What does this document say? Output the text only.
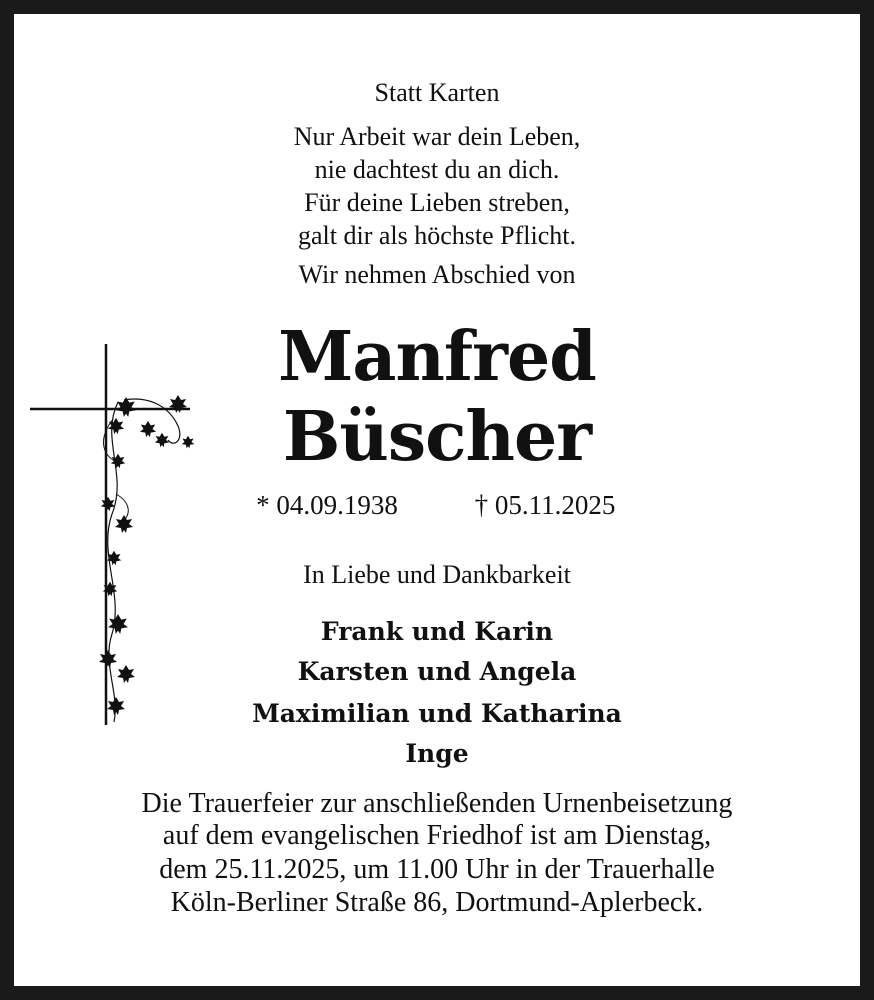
Statt Karten
Nur Arbeit war dein Leben,
nie dachtest du an dich.
Für deine Lieben streben,
galt dir als höchste Pflicht.
Wir nehmen Abschied von
Manfred
Büscher
* 04.09.1938	† 05.11.2025
In Liebe und Dankbarkeit
Frank und Karin
Karsten und Angela
Maximilian und Katharina
Inge
Die Trauerfeier zur anschließenden Urnenbeisetzung
auf dem evangelischen Friedhof ist am Dienstag,
dem 25.11.2025, um 11.00 Uhr in der Trauerhalle
Köln-Berliner Straße 86, Dortmund-Aplerbeck.
